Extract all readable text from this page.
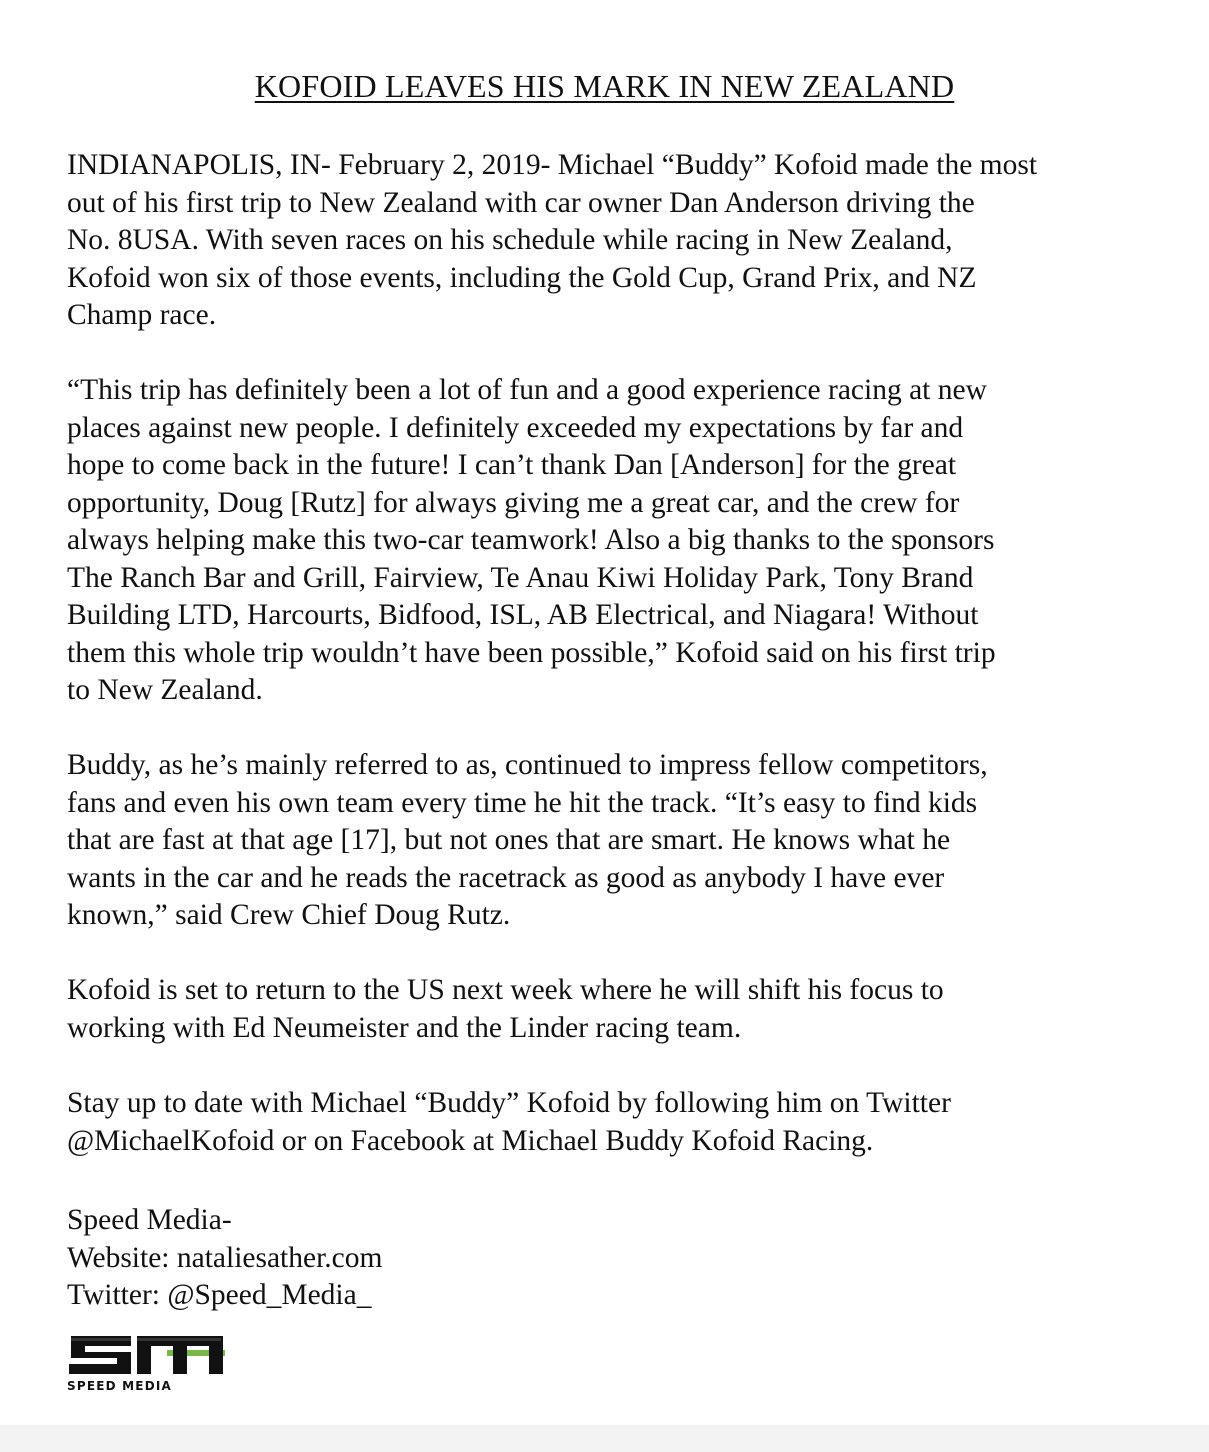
KOFOID LEAVES HIS MARK IN NEW ZEALAND

INDIANAPOLIS, IN- February 2, 2019- Michael “Buddy” Kofoid made the most
out of his first trip to New Zealand with car owner Dan Anderson driving the
No. 8USA. With seven races on his schedule while racing in New Zealand,
Kofoid won six of those events, including the Gold Cup, Grand Prix, and NZ
Champ race.

“This trip has definitely been a lot of fun and a good experience racing at new
places against new people. I definitely exceeded my expectations by far and
hope to come back in the future! I can’t thank Dan [Anderson] for the great
opportunity, Doug [Rutz] for always giving me a great car, and the crew for
always helping make this two-car teamwork! Also a big thanks to the sponsors
The Ranch Bar and Grill, Fairview, Te Anau Kiwi Holiday Park, Tony Brand
Building LTD, Harcourts, Bidfood, ISL, AB Electrical, and Niagara! Without
them this whole trip wouldn’t have been possible,” Kofoid said on his first trip
to New Zealand.

Buddy, as he’s mainly referred to as, continued to impress fellow competitors,
fans and even his own team every time he hit the track. “It’s easy to find kids
that are fast at that age [17], but not ones that are smart. He knows what he
wants in the car and he reads the racetrack as good as anybody I have ever
known,” said Crew Chief Doug Rutz.

Kofoid is set to return to the US next week where he will shift his focus to
working with Ed Neumeister and the Linder racing team.

Stay up to date with Michael “Buddy” Kofoid by following him on Twitter
@MichaelKofoid or on Facebook at Michael Buddy Kofoid Racing.

Speed Media-
Website: nataliesather.com
Twitter: @Speed_Media_

SPEED MEDIA
